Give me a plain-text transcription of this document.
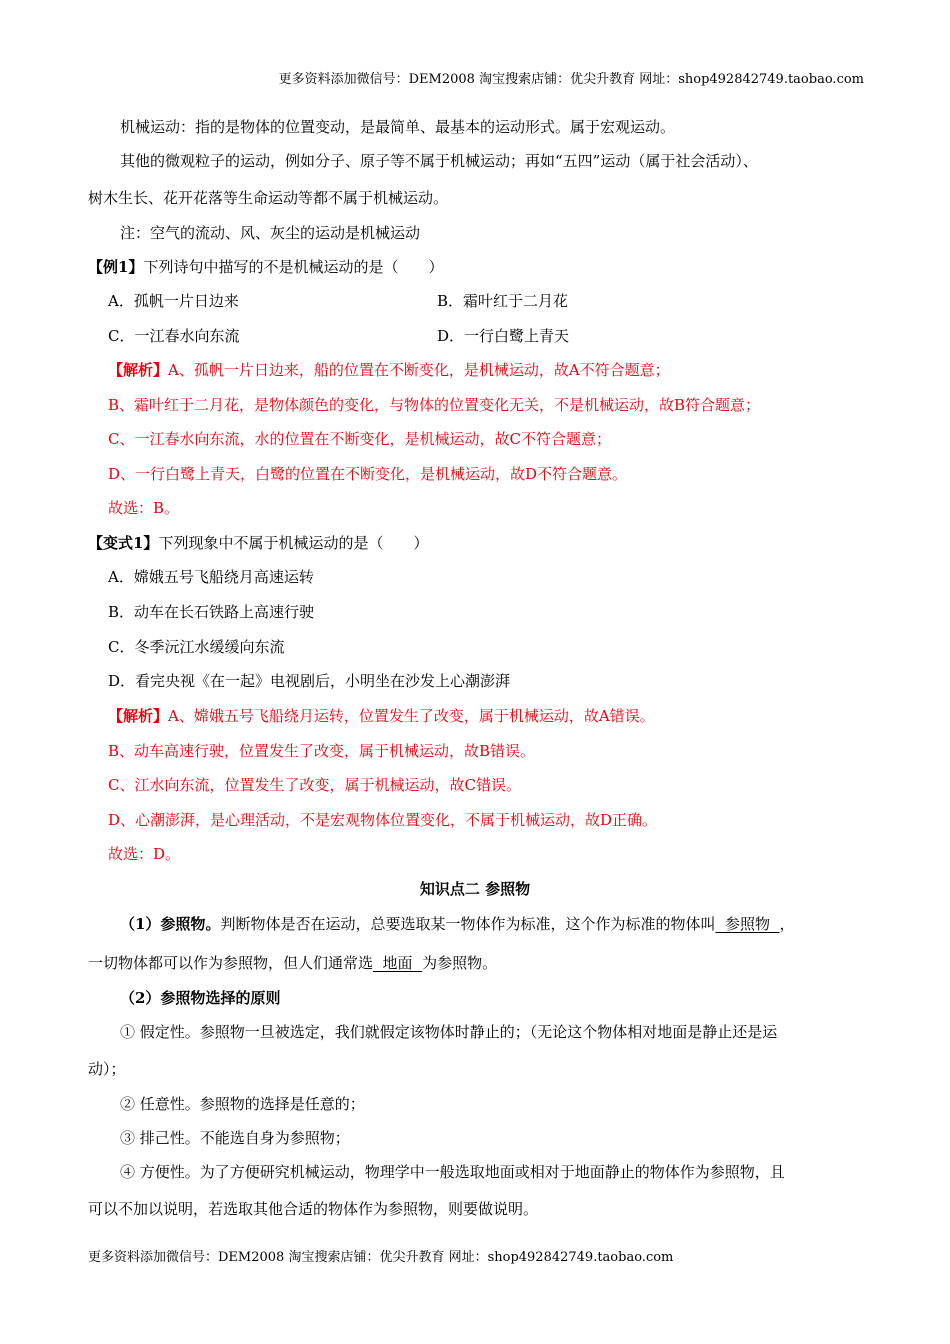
更多资料添加微信号：DEM2008 淘宝搜索店铺：优尖升教育 网址：shop492842749.taobao.com
机械运动：指的是物体的位置变动，是最简单、最基本的运动形式。属于宏观运动。
其他的微观粒子的运动，例如分子、原子等不属于机械运动；再如“五四”运动（属于社会活动）、
树木生长、花开花落等生命运动等都不属于机械运动。
注：空气的流动、风、灰尘的运动是机械运动
【例1】下列诗句中描写的不是机械运动的是（　　）
A．孤帆一片日边来	B．霜叶红于二月花
C．一江春水向东流	D．一行白鹭上青天
【解析】A、孤帆一片日边来，船的位置在不断变化，是机械运动，故A不符合题意；
B、霜叶红于二月花，是物体颜色的变化，与物体的位置变化无关，不是机械运动，故B符合题意；
C、一江春水向东流，水的位置在不断变化，是机械运动，故C不符合题意；
D、一行白鹭上青天，白鹭的位置在不断变化，是机械运动，故D不符合题意。
故选：B。
【变式1】下列现象中不属于机械运动的是（　　）
A．嫦娥五号飞船绕月高速运转
B．动车在长石铁路上高速行驶
C．冬季沅江水缓缓向东流
D．看完央视《在一起》电视剧后，小明坐在沙发上心潮澎湃
【解析】A、嫦娥五号飞船绕月运转，位置发生了改变，属于机械运动，故A错误。
B、动车高速行驶，位置发生了改变，属于机械运动，故B错误。
C、江水向东流，位置发生了改变，属于机械运动，故C错误。
D、心潮澎湃，是心理活动，不是宏观物体位置变化，不属于机械运动，故D正确。
故选：D。
知识点二 参照物
（1）参照物。判断物体是否在运动，总要选取某一物体作为标准，这个作为标准的物体叫  参照物  ，
一切物体都可以作为参照物，但人们通常选  地面  为参照物。
（2）参照物选择的原则
① 假定性。参照物一旦被选定，我们就假定该物体时静止的；（无论这个物体相对地面是静止还是运
动）；
② 任意性。参照物的选择是任意的；
③ 排己性。不能选自身为参照物；
④ 方便性。为了方便研究机械运动，物理学中一般选取地面或相对于地面静止的物体作为参照物，且
可以不加以说明，若选取其他合适的物体作为参照物，则要做说明。
更多资料添加微信号：DEM2008 淘宝搜索店铺：优尖升教育 网址：shop492842749.taobao.com
